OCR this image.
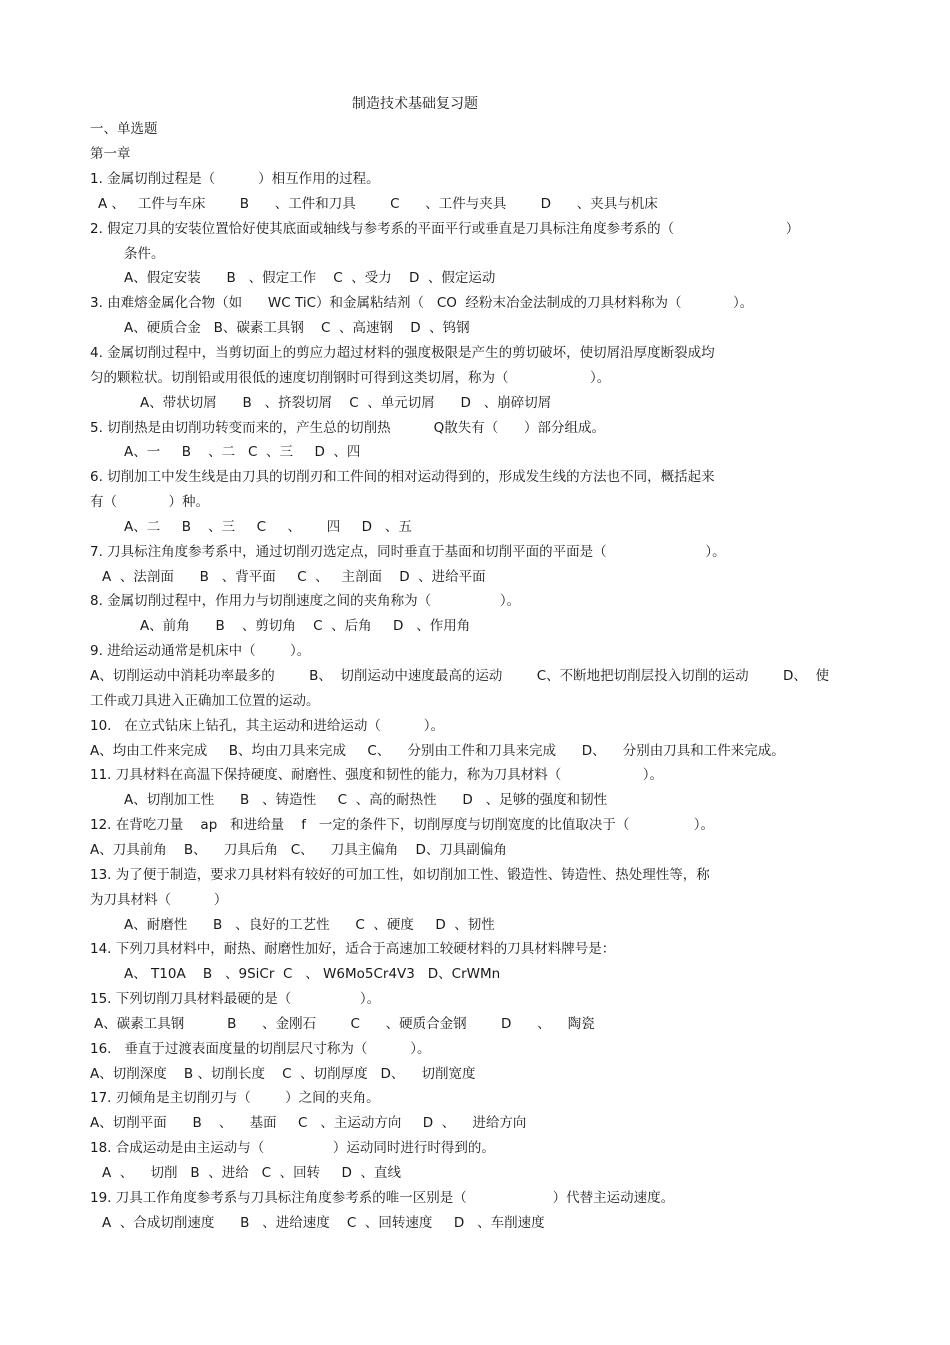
制造技术基础复习题
一、单选题
第一章
1. 金属切削过程是（          ）相互作用的过程。
A 、   工件与车床        B      、工件和刀具        C      、工件与夹具        D      、夹具与机床
2. 假定刀具的安装位置恰好使其底面或轴线与参考系的平面平行或垂直是刀具标注角度参考系的（                          ）
条件。
A、假定安装      B   、假定工作    C  、受力    D  、假定运动
3. 由难熔金属化合物（如      WC TiC）和金属粘结剂（   CO  经粉末冶金法制成的刀具材料称为（            ）。
A、硬质合金   B、碳素工具钢    C  、高速钢    D  、钨钢
4. 金属切削过程中，当剪切面上的剪应力超过材料的强度极限是产生的剪切破坏，使切屑沿厚度断裂成均
匀的颗粒状。切削铅或用很低的速度切削钢时可得到这类切屑，称为（                   ）。
A、带状切屑      B   、挤裂切屑    C  、单元切屑      D   、崩碎切屑
5. 切削热是由切削功转变而来的，产生总的切削热          Q散失有（      ）部分组成。
A、一     B    、二   C  、三     D  、四
6. 切削加工中发生线是由刀具的切削刃和工件间的相对运动得到的，形成发生线的方法也不同，概括起来
有（            ）种。
A、二     B    、三     C     、      四     D   、五
7. 刀具标注角度参考系中，通过切削刃选定点，同时垂直于基面和切削平面的平面是（                       ）。
A  、法剖面      B   、背平面     C  、   主剖面    D  、进给平面
8. 金属切削过程中，作用力与切削速度之间的夹角称为（                ）。
A、前角      B    、剪切角    C  、后角     D   、作用角
9. 进给运动通常是机床中（        ）。
A、切削运动中消耗功率最多的        B、  切削运动中速度最高的运动        C、不断地把切削层投入切削的运动        D、  使
工件或刀具进入正确加工位置的运动。
10.   在立式钻床上钻孔，其主运动和进给运动（          ）。
A、均由工件来完成     B、均由刀具来完成     C、    分别由工件和刀具来完成      D、    分别由刀具和工件来完成。
11. 刀具材料在高温下保持硬度、耐磨性、强度和韧性的能力，称为刀具材料（                   ）。
A、切削加工性      B   、铸造性     C  、高的耐热性      D   、足够的强度和韧性
12. 在背吃刀量    ap   和进给量    f   一定的条件下，切削厚度与切削宽度的比值取决于（               ）。
A、刀具前角    B、    刀具后角   C、    刀具主偏角    D、刀具副偏角
13. 为了便于制造，要求刀具材料有较好的可加工性，如切削加工性、锻造性、铸造性、热处理性等，称
为刀具材料（          ）
A、耐磨性      B   、良好的工艺性      C  、硬度     D  、韧性
14. 下列刀具材料中，耐热、耐磨性加好，适合于高速加工较硬材料的刀具材料牌号是：
A、 T10A    B   、9SiCr  C   、 W6Mo5Cr4V3   D、CrWMn
15. 下列切削刀具材料最硬的是（                ）。
A、碳素工具钢          B      、金刚石        C      、硬质合金钢        D      、    陶瓷
16.   垂直于过渡表面度量的切削层尺寸称为（          ）。
A、切削深度    B 、切削长度    C  、切削厚度   D、    切削宽度
17. 刃倾角是主切削刃与（        ）之间的夹角。
A、切削平面      B    、    基面     C   、主运动方向     D  、    进给方向
18. 合成运动是由主运动与（                ）运动同时进行时得到的。
A  、    切削   B  、进给   C  、回转     D  、直线
19. 刀具工作角度参考系与刀具标注角度参考系的唯一区别是（                    ）代替主运动速度。
A  、合成切削速度      B   、进给速度    C  、回转速度     D   、车削速度
